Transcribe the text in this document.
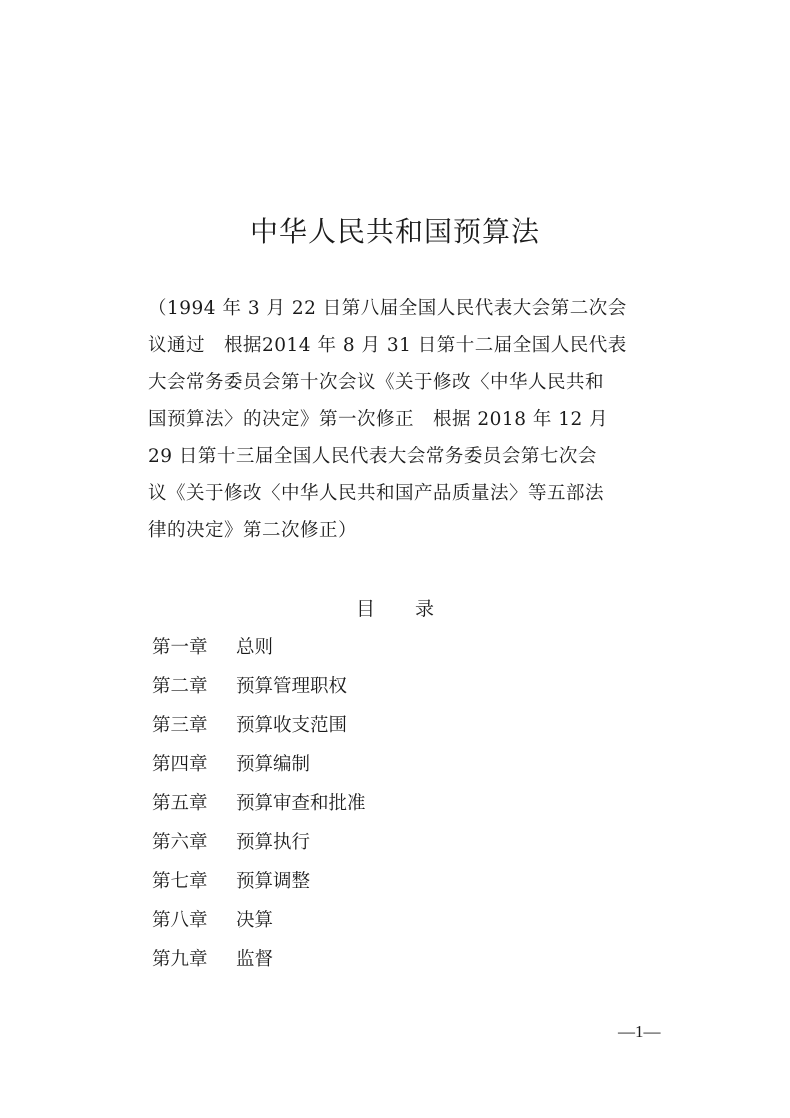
中华人民共和国预算法

（1994 年 3 月 22 日第八届全国人民代表大会第二次会
议通过　根据2014 年 8 月 31 日第十二届全国人民代表
大会常务委员会第十次会议《关于修改〈中华人民共和
国预算法〉的决定》第一次修正　根据 2018 年 12 月
29 日第十三届全国人民代表大会常务委员会第七次会
议《关于修改〈中华人民共和国产品质量法〉等五部法
律的决定》第二次修正）

目 录
第一章 总则
第二章 预算管理职权
第三章 预算收支范围
第四章 预算编制
第五章 预算审查和批准
第六章 预算执行
第七章 预算调整
第八章 决算
第九章 监督
—1—
